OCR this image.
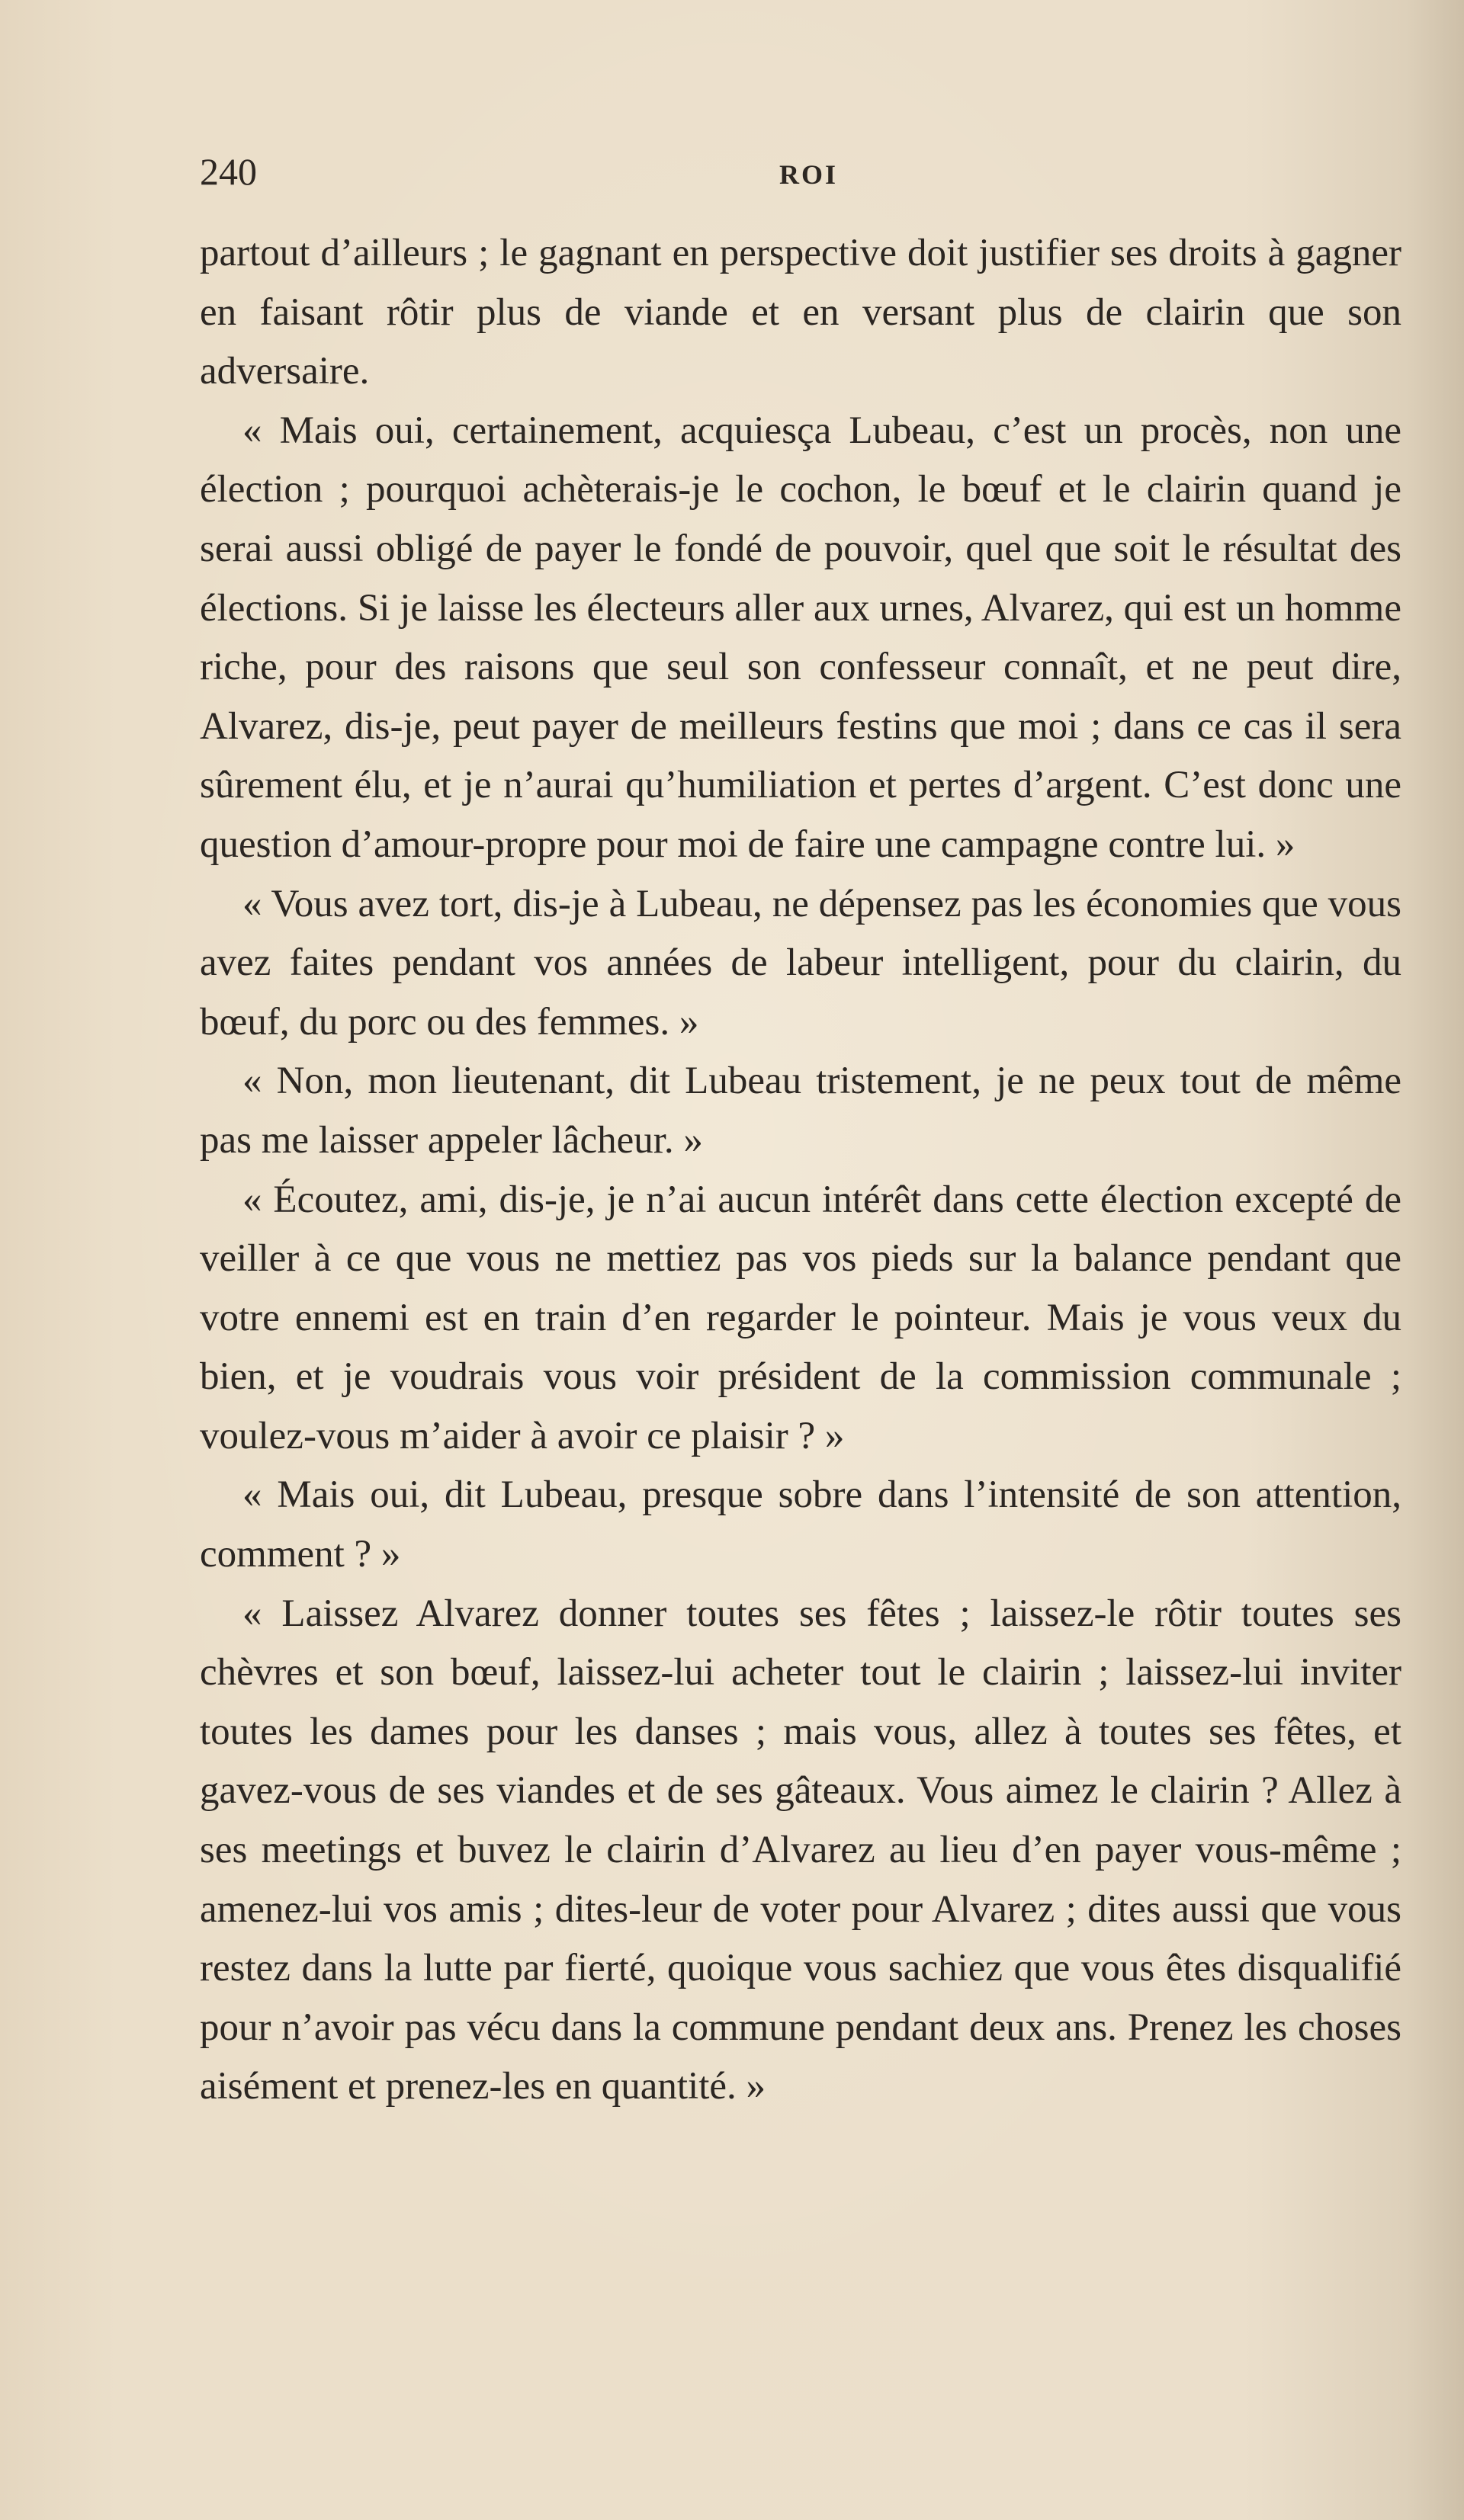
240	ROI

partout d’ailleurs ; le gagnant en perspective doit justifier ses droits à gagner en faisant rôtir plus de viande et en versant plus de clairin que son adversaire.

« Mais oui, certainement, acquiesça Lubeau, c’est un procès, non une élection ; pourquoi achèterais-je le cochon, le bœuf et le clairin quand je serai aussi obligé de payer le fondé de pouvoir, quel que soit le résultat des élections. Si je laisse les électeurs aller aux urnes, Alvarez, qui est un homme riche, pour des raisons que seul son confesseur connaît, et ne peut dire, Alvarez, dis-je, peut payer de meilleurs festins que moi ; dans ce cas il sera sûrement élu, et je n’aurai qu’humiliation et pertes d’argent. C’est donc une question d’amour-propre pour moi de faire une campagne contre lui. »

« Vous avez tort, dis-je à Lubeau, ne dépensez pas les économies que vous avez faites pendant vos années de labeur intelligent, pour du clairin, du bœuf, du porc ou des femmes. »

« Non, mon lieutenant, dit Lubeau tristement, je ne peux tout de même pas me laisser appeler lâcheur. »

« Écoutez, ami, dis-je, je n’ai aucun intérêt dans cette élection excepté de veiller à ce que vous ne mettiez pas vos pieds sur la balance pendant que votre ennemi est en train d’en regarder le pointeur. Mais je vous veux du bien, et je voudrais vous voir président de la commission communale ; voulez-vous m’aider à avoir ce plaisir ? »

« Mais oui, dit Lubeau, presque sobre dans l’intensité de son attention, comment ? »

« Laissez Alvarez donner toutes ses fêtes ; laissez-le rôtir toutes ses chèvres et son bœuf, laissez-lui acheter tout le clairin ; laissez-lui inviter toutes les dames pour les danses ; mais vous, allez à toutes ses fêtes, et gavez-vous de ses viandes et de ses gâteaux. Vous aimez le clairin ? Allez à ses meetings et buvez le clairin d’Alvarez au lieu d’en payer vous-même ; amenez-lui vos amis ; dites-leur de voter pour Alvarez ; dites aussi que vous restez dans la lutte par fierté, quoique vous sachiez que vous êtes disqualifié pour n’avoir pas vécu dans la commune pendant deux ans. Prenez les choses aisément et prenez-les en quantité. »
